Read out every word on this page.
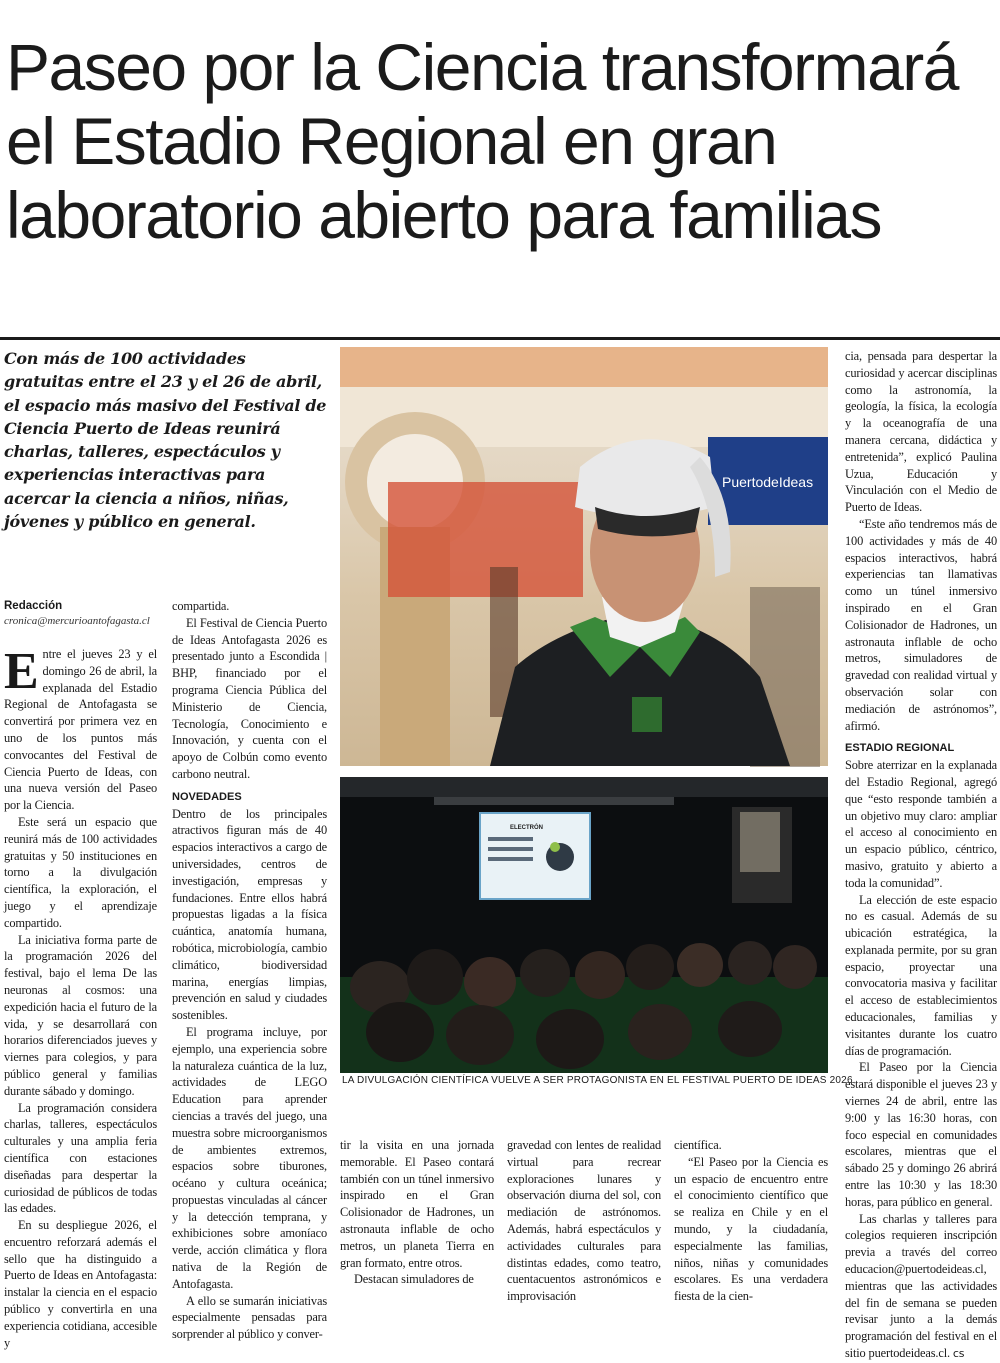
Paseo por la Ciencia transformará el Estadio Regional en gran laboratorio abierto para familias

Con más de 100 actividades gratuitas entre el 23 y el 26 de abril, el espacio más masivo del Festival de Ciencia Puerto de Ideas reunirá charlas, talleres, espectáculos y experiencias interactivas para acercar la ciencia a niños, niñas, jóvenes y público en general.

Redacción
cronica@mercurioantofagasta.cl

Entre el jueves 23 y el domingo 26 de abril, la explanada del Estadio Regional de Antofagasta se convertirá por primera vez en uno de los puntos más convocantes del Festival de Ciencia Puerto de Ideas, con una nueva versión del Paseo por la Ciencia.

Este será un espacio que reunirá más de 100 actividades gratuitas y 50 instituciones en torno a la divulgación científica, la exploración, el juego y el aprendizaje compartido.

La iniciativa forma parte de la programación 2026 del festival, bajo el lema De las neuronas al cosmos: una expedición hacia el futuro de la vida, y se desarrollará con horarios diferenciados jueves y viernes para colegios, y para público general y familias durante sábado y domingo.

La programación considera charlas, talleres, espectáculos culturales y una amplia feria científica con estaciones diseñadas para despertar la curiosidad de públicos de todas las edades.

En su despliegue 2026, el encuentro reforzará además el sello que ha distinguido a Puerto de Ideas en Antofagasta: instalar la ciencia en el espacio público y convertirla en una experiencia cotidiana, accesible y

compartida.

El Festival de Ciencia Puerto de Ideas Antofagasta 2026 es presentado junto a Escondida | BHP, financiado por el programa Ciencia Pública del Ministerio de Ciencia, Tecnología, Conocimiento e Innovación, y cuenta con el apoyo de Colbún como evento carbono neutral.

NOVEDADES

Dentro de los principales atractivos figuran más de 40 espacios interactivos a cargo de universidades, centros de investigación, empresas y fundaciones. Entre ellos habrá propuestas ligadas a la física cuántica, anatomía humana, robótica, microbiología, cambio climático, biodiversidad marina, energías limpias, prevención en salud y ciudades sostenibles.

El programa incluye, por ejemplo, una experiencia sobre la naturaleza cuántica de la luz, actividades de LEGO Education para aprender ciencias a través del juego, una muestra sobre microorganismos de ambientes extremos, espacios sobre tiburones, océano y cultura oceánica; propuestas vinculadas al cáncer y la detección temprana, y exhibiciones sobre amoníaco verde, acción climática y flora nativa de la Región de Antofagasta.

A ello se sumarán iniciativas especialmente pensadas para sorprender al público y conver-

PuertodeIdeas
ELECTRÓN
LA DIVULGACIÓN CIENTÍFICA VUELVE A SER PROTAGONISTA EN EL FESTIVAL PUERTO DE IDEAS 2026.

tir la visita en una jornada memorable. El Paseo contará también con un túnel inmersivo inspirado en el Gran Colisionador de Hadrones, un astronauta inflable de ocho metros, un planeta Tierra en gran formato, entre otros.

Destacan simuladores de

gravedad con lentes de realidad virtual para recrear exploraciones lunares y observación diurna del sol, con mediación de astrónomos. Además, habrá espectáculos y actividades culturales para distintas edades, como teatro, cuentacuentos astronómicos e improvisación

científica.

“El Paseo por la Ciencia es un espacio de encuentro entre el conocimiento científico que se realiza en Chile y en el mundo, y la ciudadanía, especialmente las familias, niños, niñas y comunidades escolares. Es una verdadera fiesta de la cien-

cia, pensada para despertar la curiosidad y acercar disciplinas como la astronomía, la geología, la física, la ecología y la oceanografía de una manera cercana, didáctica y entretenida”, explicó Paulina Uzua, Educación y Vinculación con el Medio de Puerto de Ideas.

“Este año tendremos más de 100 actividades y más de 40 espacios interactivos, habrá experiencias tan llamativas como un túnel inmersivo inspirado en el Gran Colisionador de Hadrones, un astronauta inflable de ocho metros, simuladores de gravedad con realidad virtual y observación solar con mediación de astrónomos”, afirmó.

ESTADIO REGIONAL

Sobre aterrizar en la explanada del Estadio Regional, agregó que “esto responde también a un objetivo muy claro: ampliar el acceso al conocimiento en un espacio público, céntrico, masivo, gratuito y abierto a toda la comunidad”.

La elección de este espacio no es casual. Además de su ubicación estratégica, la explanada permite, por su gran espacio, proyectar una convocatoria masiva y facilitar el acceso de establecimientos educacionales, familias y visitantes durante los cuatro días de programación.

El Paseo por la Ciencia estará disponible el jueves 23 y viernes 24 de abril, entre las 9:00 y las 16:30 horas, con foco especial en comunidades escolares, mientras que el sábado 25 y domingo 26 abrirá entre las 10:30 y las 18:30 horas, para público en general.

Las charlas y talleres para colegios requieren inscripción previa a través del correo educacion@puertodeideas.cl, mientras que las actividades del fin de semana se pueden revisar junto a la demás programación del festival en el sitio puertodeideas.cl. cs
